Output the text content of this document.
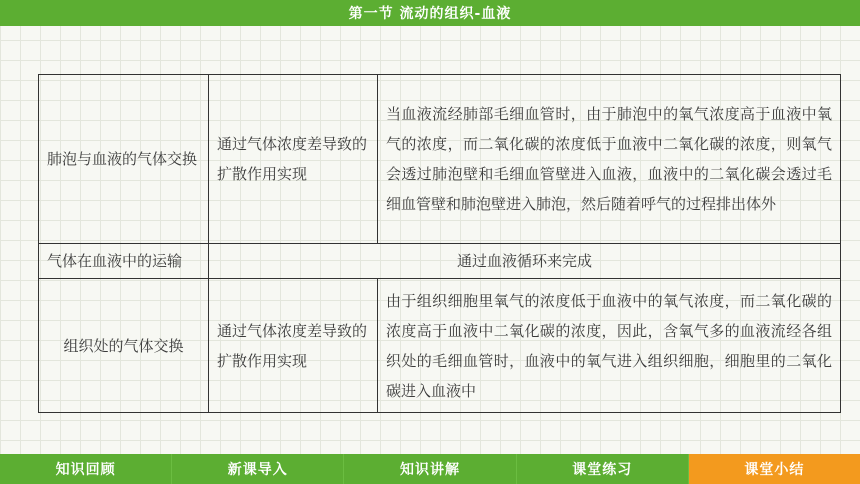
第一节 流动的组织-血液
肺泡与血液的气体交换	通过气体浓度差导致的扩散作用实现	当血液流经肺部毛细血管时，由于肺泡中的氧气浓度高于血液中氧气的浓度，而二氧化碳的浓度低于血液中二氧化碳的浓度，则氧气会透过肺泡壁和毛细血管壁进入血液，血液中的二氧化碳会透过毛细血管壁和肺泡壁进入肺泡，然后随着呼气的过程排出体外
气体在血液中的运输	通过血液循环来完成	
组织处的气体交换	通过气体浓度差导致的扩散作用实现	由于组织细胞里氧气的浓度低于血液中的氧气浓度，而二氧化碳的浓度高于血液中二氧化碳的浓度，因此，含氧气多的血液流经各组织处的毛细血管时，血液中的氧气进入组织细胞，细胞里的二氧化碳进入血液中
知识回顾	新课导入	知识讲解	课堂练习	课堂小结
